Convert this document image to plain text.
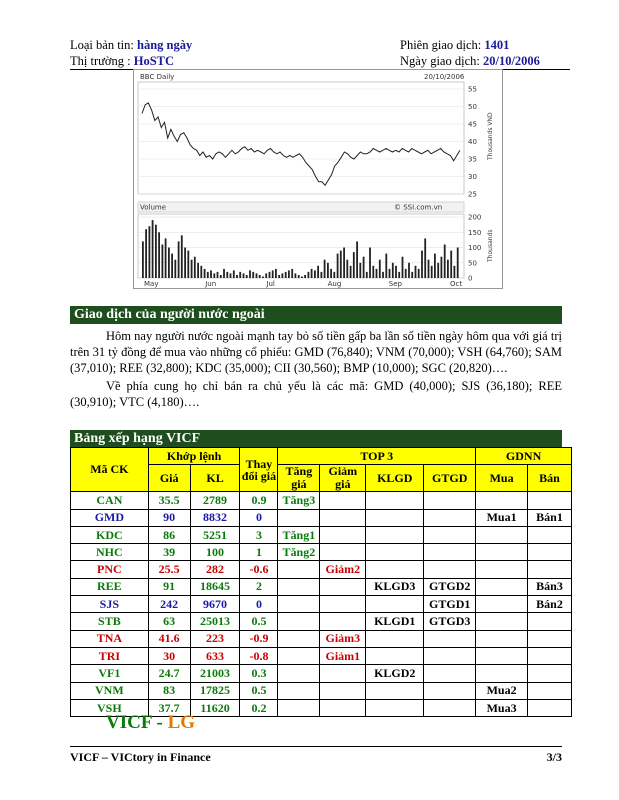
Loại bản tin: hàng ngày	Phiên giao dịch: 1401
Thị trường : HoSTC	Ngày giao dịch: 20/10/2006
BBC Daily	20/10/2006
25
30
35
40
45
50
55
Thousands VND
Volume	© SSI.com.vn
0
50
100
150
200
Thousands
May	Jun	Jul	Aug	Sep	Oct
Giao dịch của người nước ngoài

Hôm nay người nước ngoài mạnh tay bỏ số tiền gấp ba lần số tiền ngày hôm qua với giá trị trên 31 tỷ đồng để mua vào những cổ phiếu: GMD (76,840); VNM (70,000); VSH (64,760); SAM (37,010); REE (32,800); KDC (35,000); CII (30,560); BMP (10,000); SGC (20,820)….

Về phía cung họ chỉ bán ra chủ yếu là các mã: GMD (40,000); SJS (36,180); REE (30,910); VTC (4,180)….

Bảng xếp hạng VICF
Mã CK	Khớp lệnh		Thay đổi giá	TOP 3				GDNN	
				Tăng giá	Giảm giá	KLGD	GTGD		
	Giá	KL						Mua	Bán
CAN	35.5	2789	0.9	Tăng3					
GMD	90	8832	0					Mua1	Bán1
KDC	86	5251	3	Tăng1					
NHC	39	100	1	Tăng2					
PNC	25.5	282	-0.6		Giảm2				
REE	91	18645	2			KLGD3	GTGD2		Bán3
SJS	242	9670	0				GTGD1		Bán2
STB	63	25013	0.5			KLGD1	GTGD3		
TNA	41.6	223	-0.9		Giảm3				
TRI	30	633	-0.8		Giảm1				
VF1	24.7	21003	0.3			KLGD2			
VNM	83	17825	0.5					Mua2	
VSH	37.7	11620	0.2					Mua3	
VICF - LG
VICF – VICtory in Finance	3/3
